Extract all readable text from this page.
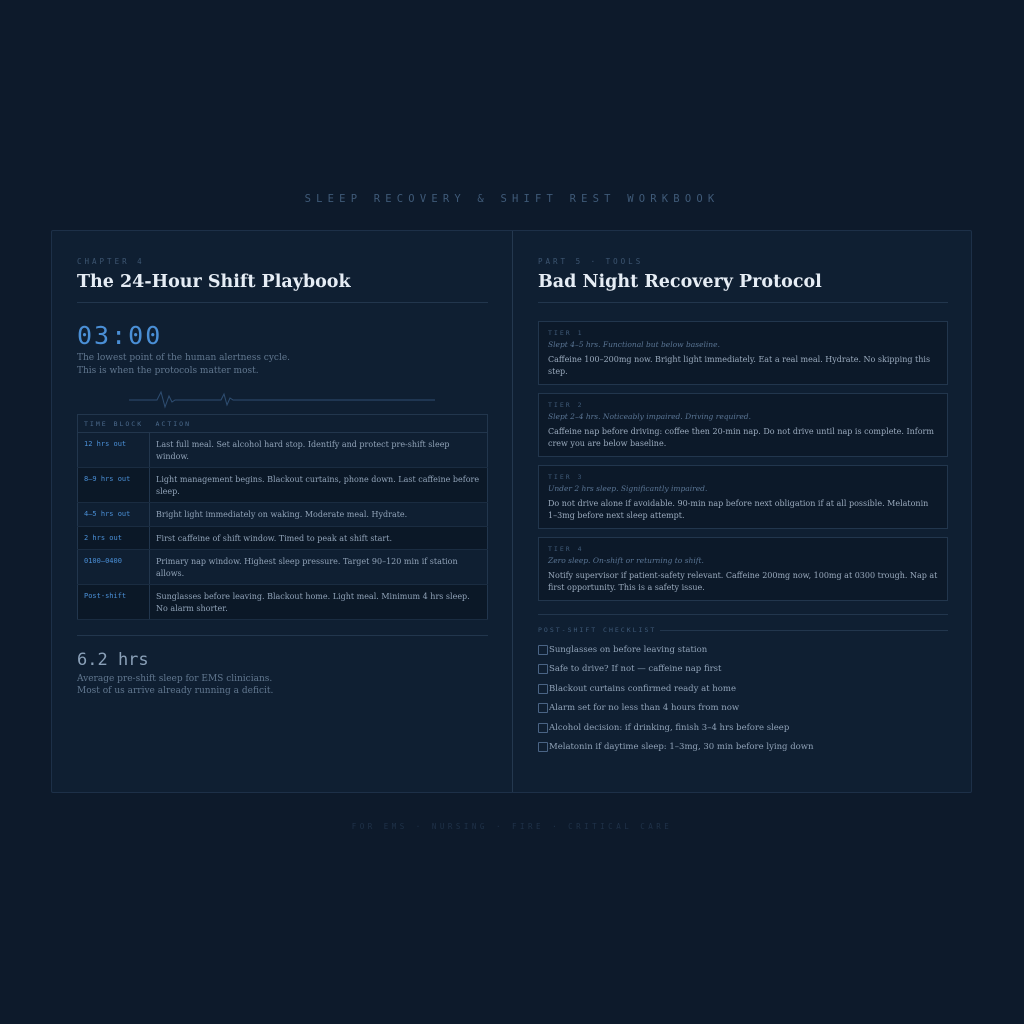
SLEEP RECOVERY & SHIFT REST WORKBOOK
CHAPTER 4
The 24-Hour Shift Playbook
03:00
The lowest point of the human alertness cycle.
This is when the protocols matter most.
TIME BLOCK	ACTION
12 hrs out	Last full meal. Set alcohol hard stop. Identify and protect pre-shift sleep window.
8–9 hrs out	Light management begins. Blackout curtains, phone down. Last caffeine before sleep.
4–5 hrs out	Bright light immediately on waking. Moderate meal. Hydrate.
2 hrs out	First caffeine of shift window. Timed to peak at shift start.
0100–0400	Primary nap window. Highest sleep pressure. Target 90–120 min if station allows.
Post-shift	Sunglasses before leaving. Blackout home. Light meal. Minimum 4 hrs sleep. No alarm shorter.
6.2 hrs
Average pre-shift sleep for EMS clinicians.
Most of us arrive already running a deficit.
PART 5 · TOOLS
Bad Night Recovery Protocol
TIER 1
Slept 4–5 hrs. Functional but below baseline.
Caffeine 100–200mg now. Bright light immediately. Eat a real meal. Hydrate. No skipping this step.
TIER 2
Slept 2–4 hrs. Noticeably impaired. Driving required.
Caffeine nap before driving: coffee then 20-min nap. Do not drive until nap is complete. Inform crew you are below baseline.
TIER 3
Under 2 hrs sleep. Significantly impaired.
Do not drive alone if avoidable. 90-min nap before next obligation if at all possible. Melatonin 1–3mg before next sleep attempt.
TIER 4
Zero sleep. On-shift or returning to shift.
Notify supervisor if patient-safety relevant. Caffeine 200mg now, 100mg at 0300 trough. Nap at first opportunity. This is a safety issue.
POST-SHIFT CHECKLIST
Sunglasses on before leaving station
Safe to drive? If not — caffeine nap first
Blackout curtains confirmed ready at home
Alarm set for no less than 4 hours from now
Alcohol decision: if drinking, finish 3–4 hrs before sleep
Melatonin if daytime sleep: 1–3mg, 30 min before lying down
FOR EMS · NURSING · FIRE · CRITICAL CARE
